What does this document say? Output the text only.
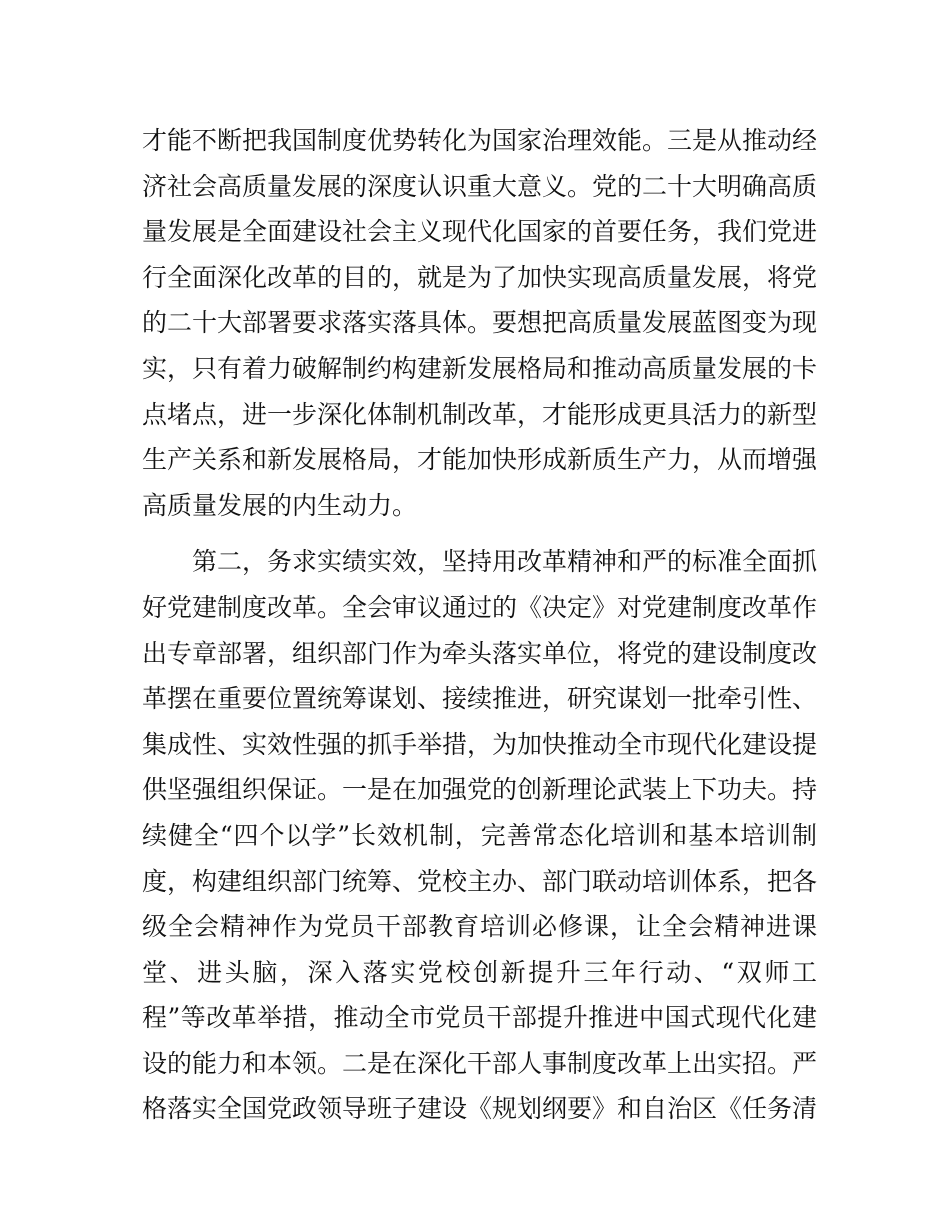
才能不断把我国制度优势转化为国家治理效能。三是从推动经
济社会高质量发展的深度认识重大意义。党的二十大明确高质
量发展是全面建设社会主义现代化国家的首要任务，我们党进
行全面深化改革的目的，就是为了加快实现高质量发展，将党
的二十大部署要求落实落具体。要想把高质量发展蓝图变为现
实，只有着力破解制约构建新发展格局和推动高质量发展的卡
点堵点，进一步深化体制机制改革，才能形成更具活力的新型
生产关系和新发展格局，才能加快形成新质生产力，从而增强
高质量发展的内生动力。
第二，务求实绩实效，坚持用改革精神和严的标准全面抓
好党建制度改革。全会审议通过的《决定》对党建制度改革作
出专章部署，组织部门作为牵头落实单位，将党的建设制度改
革摆在重要位置统筹谋划、接续推进，研究谋划一批牵引性、
集成性、实效性强的抓手举措，为加快推动全市现代化建设提
供坚强组织保证。一是在加强党的创新理论武装上下功夫。持
续健全“四个以学”长效机制，完善常态化培训和基本培训制
度，构建组织部门统筹、党校主办、部门联动培训体系，把各
级全会精神作为党员干部教育培训必修课，让全会精神进课
堂、进头脑，深入落实党校创新提升三年行动、“双师工
程”等改革举措，推动全市党员干部提升推进中国式现代化建
设的能力和本领。二是在深化干部人事制度改革上出实招。严
格落实全国党政领导班子建设《规划纲要》和自治区《任务清
